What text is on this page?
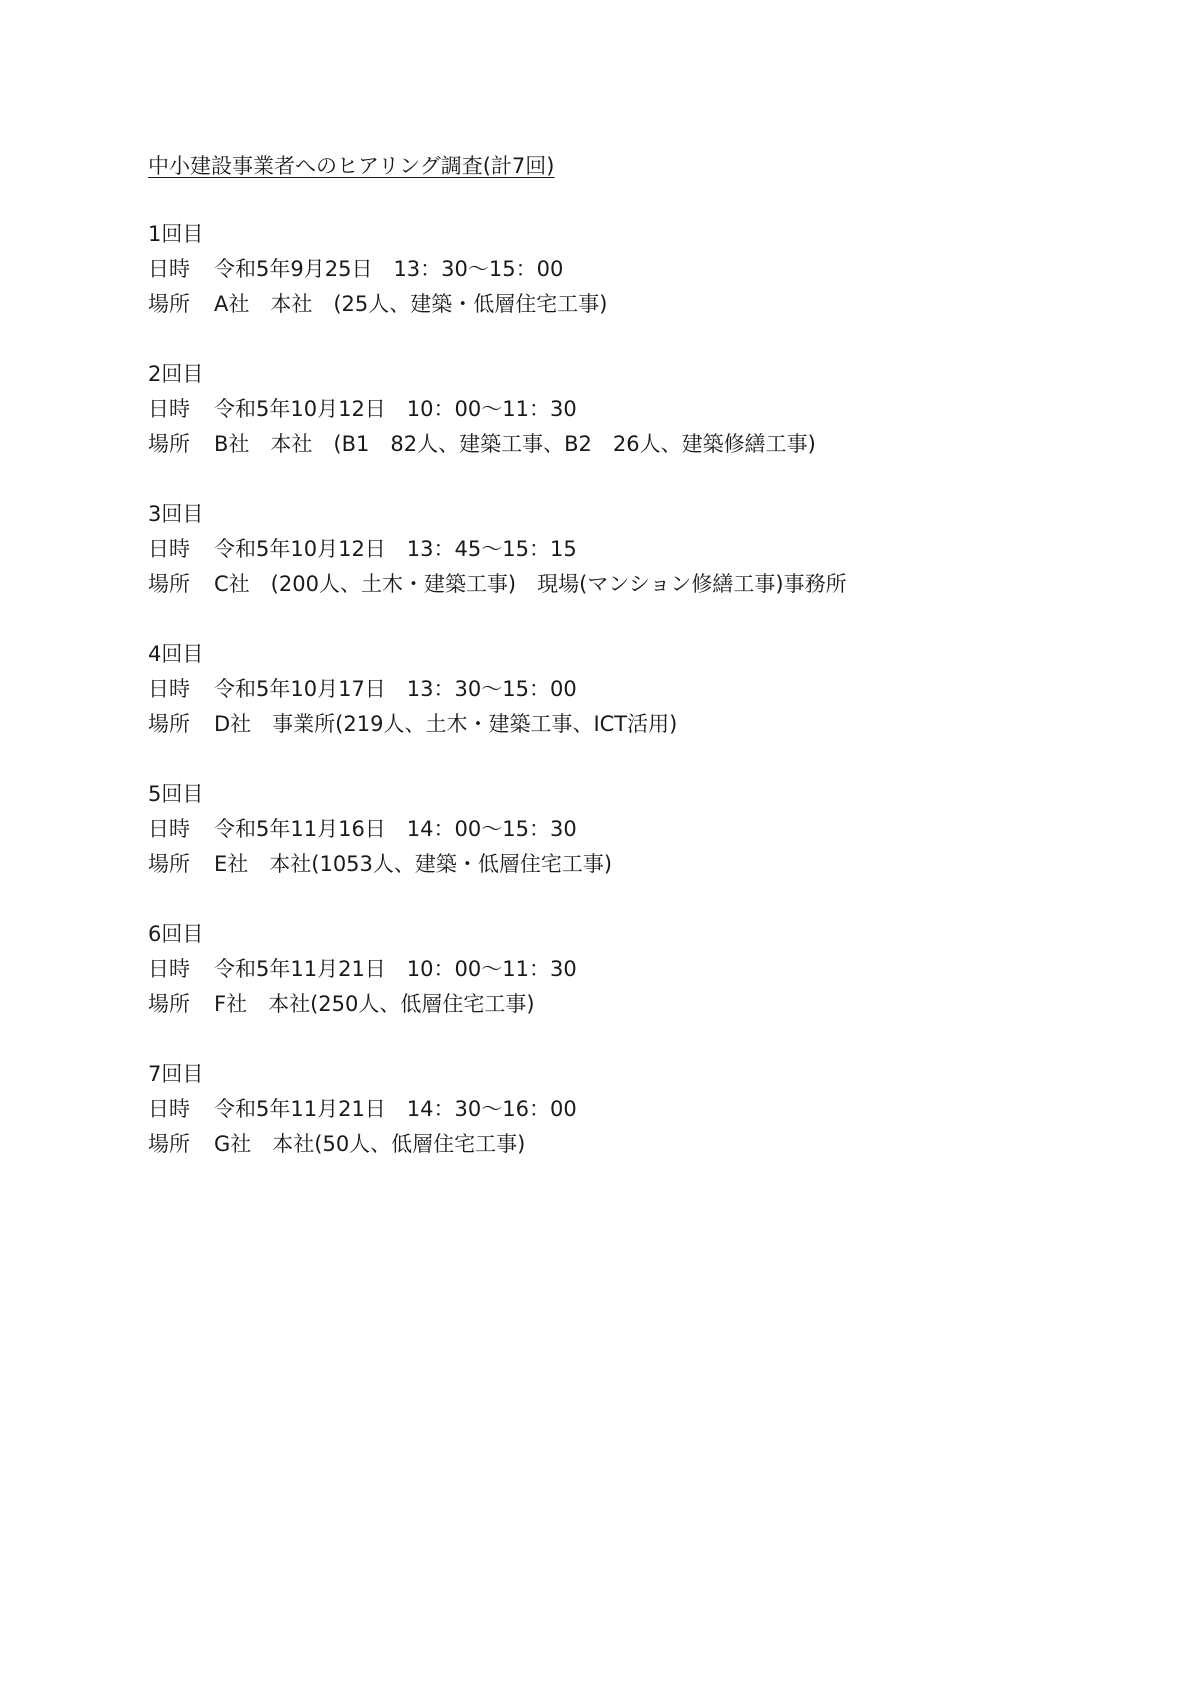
中小建設事業者へのヒアリング調査(計7回)
1回目
日時	令和5年9月25日　13：30〜15：00
場所	A社　本社　(25人、建築・低層住宅工事)
2回目
日時	令和5年10月12日　10：00〜11：30
場所	B社　本社　(B1　82人、建築工事、B2　26人、建築修繕工事)
3回目
日時	令和5年10月12日　13：45〜15：15
場所	C社　(200人、土木・建築工事)　現場(マンション修繕工事)事務所
4回目
日時	令和5年10月17日　13：30〜15：00
場所	D社　事業所(219人、土木・建築工事、ICT活用)
5回目
日時	令和5年11月16日　14：00〜15：30
場所	E社　本社(1053人、建築・低層住宅工事)
6回目
日時	令和5年11月21日　10：00〜11：30
場所	F社　本社(250人、低層住宅工事)
7回目
日時	令和5年11月21日　14：30〜16：00
場所	G社　本社(50人、低層住宅工事)
